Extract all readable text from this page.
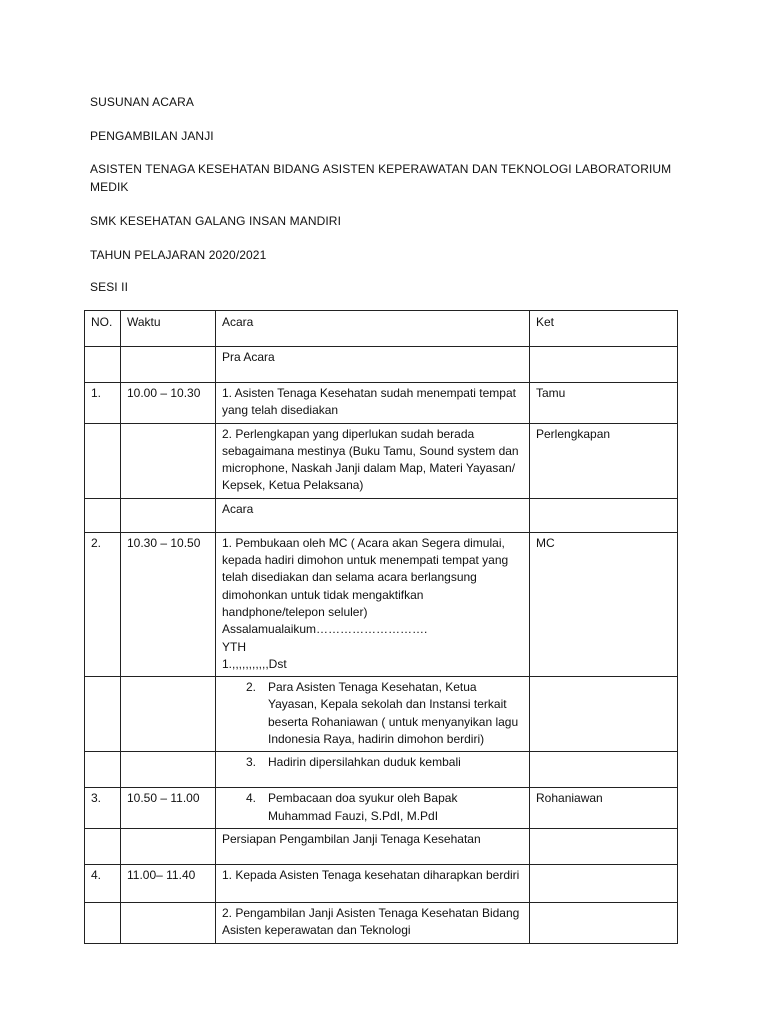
SUSUNAN ACARA
PENGAMBILAN JANJI
ASISTEN TENAGA KESEHATAN BIDANG ASISTEN KEPERAWATAN DAN TEKNOLOGI LABORATORIUM MEDIK
SMK KESEHATAN GALANG INSAN MANDIRI
TAHUN PELAJARAN 2020/2021
SESI II
NO.	Waktu	Acara	Ket
		Pra Acara	
1.	10.00 – 10.30	1. Asisten Tenaga Kesehatan sudah menempati tempat yang telah disediakan	Tamu
		2. Perlengkapan yang diperlukan sudah berada sebagaimana mestinya (Buku Tamu, Sound system dan microphone, Naskah Janji dalam Map, Materi Yayasan/ Kepsek, Ketua Pelaksana)	Perlengkapan
		Acara	
2.	10.30 – 10.50	1. Pembukaan oleh MC ( Acara akan Segera dimulai, kepada hadiri dimohon untuk menempati tempat yang telah disediakan dan selama acara berlangsung dimohonkan untuk tidak mengaktifkan handphone/telepon seluler)
Assalamualaikum……………………….
YTH
1.,,,,,,,,,,,Dst	MC

		2. Para Asisten Tenaga Kesehatan, Ketua Yayasan, Kepala sekolah dan Instansi terkait beserta Rohaniawan ( untuk menyanyikan lagu Indonesia Raya, hadirin dimohon berdiri)	

		3. Hadirin dipersilahkan duduk kembali	

3.	10.50 – 11.00	4. Pembacaan doa syukur oleh Bapak Muhammad Fauzi, S.PdI, M.PdI	Rohaniawan
		Persiapan Pengambilan Janji Tenaga Kesehatan	
4.	11.00– 11.40	1. Kepada Asisten Tenaga kesehatan diharapkan berdiri	
		2. Pengambilan Janji Asisten Tenaga Kesehatan Bidang Asisten keperawatan dan Teknologi	
